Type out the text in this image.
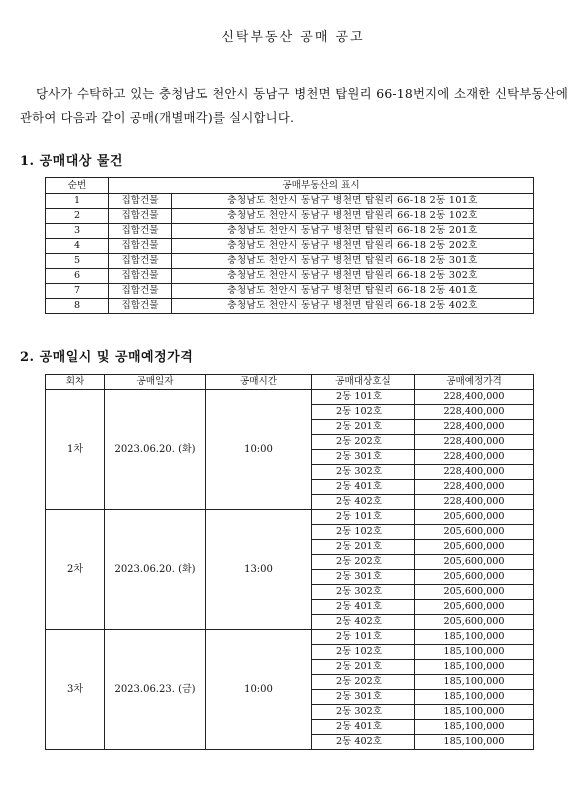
신탁부동산 공매 공고
당사가 수탁하고 있는 충청남도 천안시 동남구 병천면 탑원리 66-18번지에 소재한 신탁부동산에 관하여 다음과 같이 공매(개별매각)를 실시합니다.
1. 공매대상 물건
순번	공매부동산의 표시	
1	집합건물	충청남도 천안시 동남구 병천면 탑원리 66-18 2동 101호
2	집합건물	충청남도 천안시 동남구 병천면 탑원리 66-18 2동 102호
3	집합건물	충청남도 천안시 동남구 병천면 탑원리 66-18 2동 201호
4	집합건물	충청남도 천안시 동남구 병천면 탑원리 66-18 2동 202호
5	집합건물	충청남도 천안시 동남구 병천면 탑원리 66-18 2동 301호
6	집합건물	충청남도 천안시 동남구 병천면 탑원리 66-18 2동 302호
7	집합건물	충청남도 천안시 동남구 병천면 탑원리 66-18 2동 401호
8	집합건물	충청남도 천안시 동남구 병천면 탑원리 66-18 2동 402호
2. 공매일시 및 공매예정가격
회차	공매일자	공매시간	공매대상호실	공매예정가격
1차	2023.06.20. (화)	10:00	2동 101호	228,400,000
			2동 102호	228,400,000
			2동 201호	228,400,000
			2동 202호	228,400,000
			2동 301호	228,400,000
			2동 302호	228,400,000
			2동 401호	228,400,000
			2동 402호	228,400,000
2차	2023.06.20. (화)	13:00	2동 101호	205,600,000
			2동 102호	205,600,000
			2동 201호	205,600,000
			2동 202호	205,600,000
			2동 301호	205,600,000
			2동 302호	205,600,000
			2동 401호	205,600,000
			2동 402호	205,600,000
3차	2023.06.23. (금)	10:00	2동 101호	185,100,000
			2동 102호	185,100,000
			2동 201호	185,100,000
			2동 202호	185,100,000
			2동 301호	185,100,000
			2동 302호	185,100,000
			2동 401호	185,100,000
			2동 402호	185,100,000
